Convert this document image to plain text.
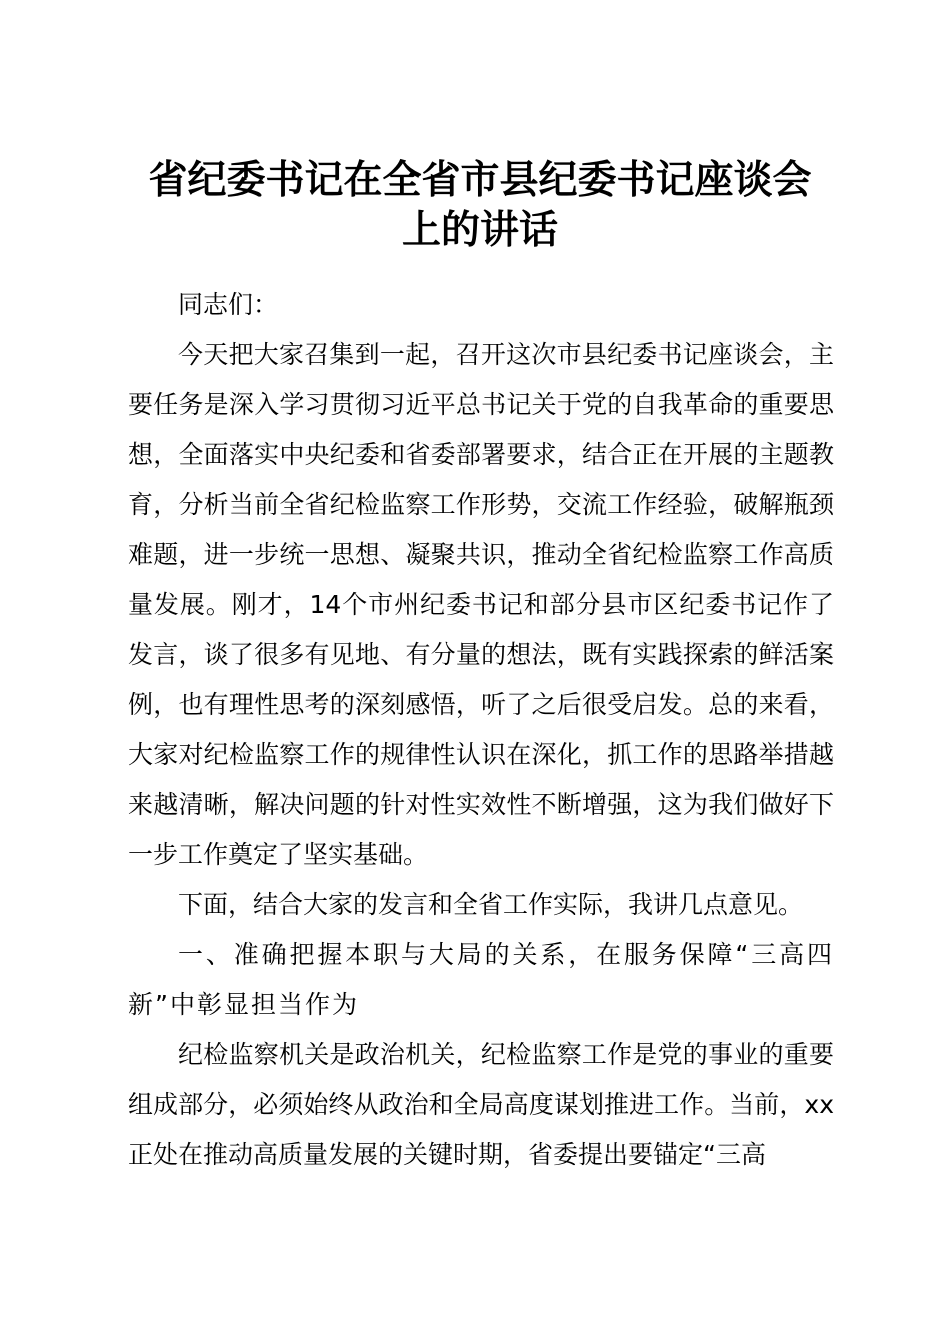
省纪委书记在全省市县纪委书记座谈会
上的讲话

同志们：

今天把大家召集到一起，召开这次市县纪委书记座谈会，主要任务是深入学习贯彻习近平总书记关于党的自我革命的重要思想，全面落实中央纪委和省委部署要求，结合正在开展的主题教育，分析当前全省纪检监察工作形势，交流工作经验，破解瓶颈难题，进一步统一思想、凝聚共识，推动全省纪检监察工作高质量发展。刚才，14个市州纪委书记和部分县市区纪委书记作了发言，谈了很多有见地、有分量的想法，既有实践探索的鲜活案例，也有理性思考的深刻感悟，听了之后很受启发。总的来看，大家对纪检监察工作的规律性认识在深化，抓工作的思路举措越来越清晰，解决问题的针对性实效性不断增强，这为我们做好下一步工作奠定了坚实基础。

下面，结合大家的发言和全省工作实际，我讲几点意见。

一、准确把握本职与大局的关系，在服务保障“三高四新”中彰显担当作为

纪检监察机关是政治机关，纪检监察工作是党的事业的重要组成部分，必须始终从政治和全局高度谋划推进工作。当前，xx正处在推动高质量发展的关键时期，省委提出要锚定“三高
